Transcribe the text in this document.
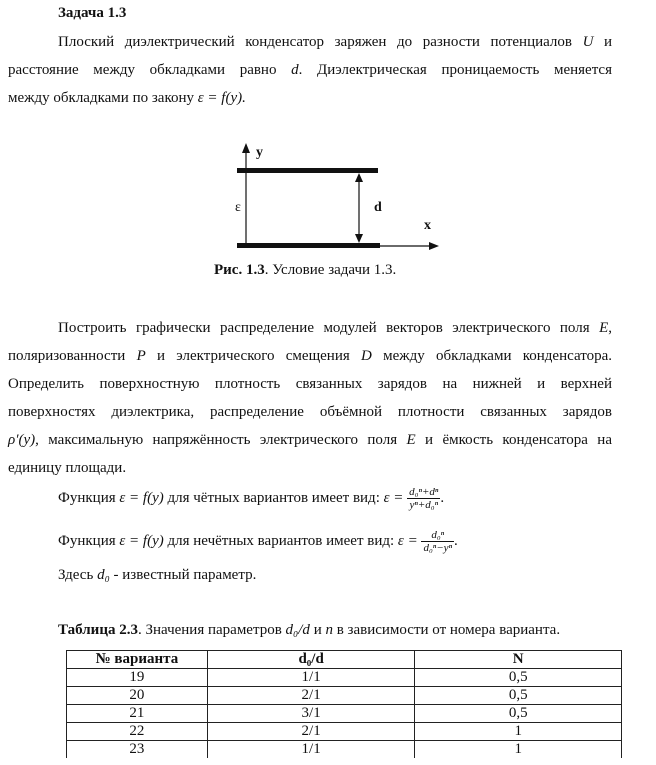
Задача 1.3
Плоский диэлектрический конденсатор заряжен до разности потенциалов U и
расстояние между обкладками равно d. Диэлектрическая проницаемость меняется
между обкладками по закону ε = f(y).
y
x
ε	d
Рис. 1.3. Условие задачи 1.3.
Построить графически распределение модулей векторов электрического поля E,
поляризованности P и электрического смещения D между обкладками конденсатора.
Определить поверхностную плотность связанных зарядов на нижней и верхней
поверхностях диэлектрика, распределение объёмной плотности связанных зарядов
ρ′(y), максимальную напряжённость электрического поля E и ёмкость конденсатора на
единицу площади.
Функция ε = f(y) для чётных вариантов имеет вид: $\varepsilon = \frac{\text{d₀ⁿ+dⁿ}}{\text{yⁿ+d₀ⁿ}}$ .
Функция ε = f(y) для нечётных вариантов имеет вид: $\varepsilon = \frac{\text{d₀ⁿ}}{\text{d₀ⁿ−yⁿ}}$ .
Здесь d₀ - известный параметр.
Таблица 2.3. Значения параметров d₀/d и n в зависимости от номера варианта.
№ варианта	d₀/d	N
19	1/1	0,5
20	2/1	0,5
21	3/1	0,5
22	2/1	1
23	1/1	1
